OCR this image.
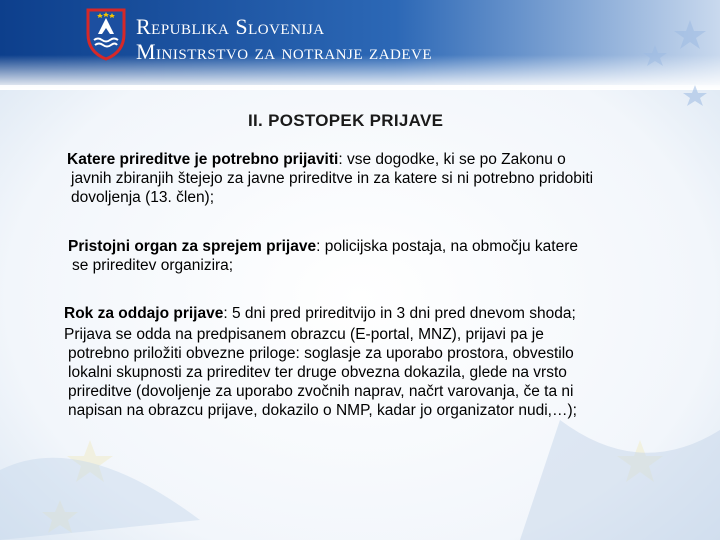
Republika Slovenija
Ministrstvo za notranje zadeve
II. POSTOPEK PRIJAVE
Katere prireditve je potrebno prijaviti: vse dogodke, ki se po Zakonu o
javnih zbiranjih štejejo za javne prireditve in za katere si ni potrebno pridobiti
dovoljenja (13. člen);
Pristojni organ za sprejem prijave: policijska postaja, na območju katere
se prireditev organizira;
Rok za oddajo prijave: 5 dni pred prireditvijo in 3 dni pred dnevom shoda;
Prijava se odda na predpisanem obrazcu (E-portal, MNZ), prijavi pa je
potrebno priložiti obvezne priloge: soglasje za uporabo prostora, obvestilo
lokalni skupnosti za prireditev ter druge obvezna dokazila, glede na vrsto
prireditve (dovoljenje za uporabo zvočnih naprav, načrt varovanja, če ta ni
napisan na obrazcu prijave, dokazilo o NMP, kadar jo organizator nudi,…);
